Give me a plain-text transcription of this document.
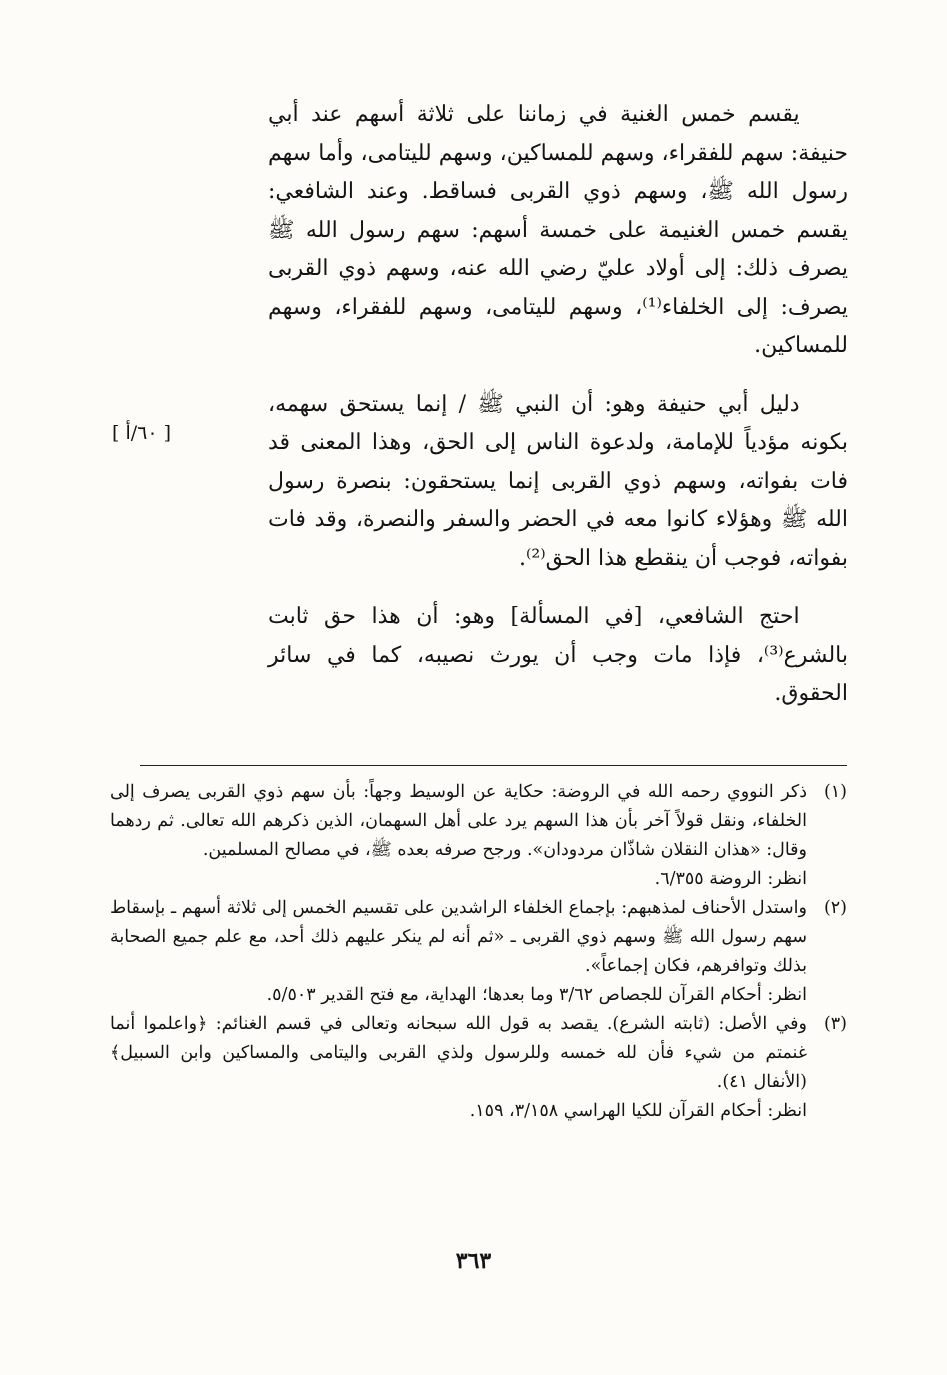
يقسم خمس الغنية في زماننا على ثلاثة أسهم عند أبي حنيفة: سهم للفقراء، وسهم للمساكين، وسهم لليتامى، وأما سهم رسول الله ﷺ، وسهم ذوي القربى فساقط. وعند الشافعي: يقسم خمس الغنيمة على خمسة أسهم: سهم رسول الله ﷺ يصرف ذلك: إلى أولاد عليّ رضي الله عنه، وسهم ذوي القربى يصرف: إلى الخلفاء⁽¹⁾، وسهم لليتامى، وسهم للفقراء، وسهم للمساكين.

دليل أبي حنيفة وهو: أن النبي ﷺ / إنما يستحق سهمه، بكونه مؤدياً للإمامة، ولدعوة الناس إلى الحق، وهذا المعنى قد فات بفواته، وسهم ذوي القربى إنما يستحقون: بنصرة رسول الله ﷺ وهؤلاء كانوا معه في الحضر والسفر والنصرة، وقد فات بفواته، فوجب أن ينقطع هذا الحق⁽²⁾.

احتج الشافعي، [في المسألة] وهو: أن هذا حق ثابت بالشرع⁽³⁾، فإذا مات وجب أن يورث نصيبه، كما في سائر الحقوق.

[ ٦٠/أ ]
(١)
ذكر النووي رحمه الله في الروضة: حكاية عن الوسيط وجهاً: بأن سهم ذوي القربى يصرف إلى الخلفاء، ونقل قولاً آخر بأن هذا السهم يرد على أهل السهمان، الذين ذكرهم الله تعالى. ثم ردهما وقال: «هذان النقلان شاذّان مردودان». ورجح صرفه بعده ﷺ، في مصالح المسلمين.
انظر: الروضة ٦/٣٥٥.
(٢)
واستدل الأحناف لمذهبهم: بإجماع الخلفاء الراشدين على تقسيم الخمس إلى ثلاثة أسهم ـ بإسقاط سهم رسول الله ﷺ وسهم ذوي القربى ـ «ثم أنه لم ينكر عليهم ذلك أحد، مع علم جميع الصحابة بذلك وتوافرهم، فكان إجماعاً».
انظر: أحكام القرآن للجصاص ٣/٦٢ وما بعدها؛ الهداية، مع فتح القدير ٥/٥٠٣.
(٣)
وفي الأصل: (ثابته الشرع). يقصد به قول الله سبحانه وتعالى في قسم الغنائم: ﴿واعلموا أنما غنمتم من شيء فأن لله خمسه وللرسول ولذي القربى واليتامى والمساكين وابن السبيل﴾ (الأنفال ٤١).
انظر: أحكام القرآن للكيا الهراسي ٣/١٥٨، ١٥٩.
٣٦٣
